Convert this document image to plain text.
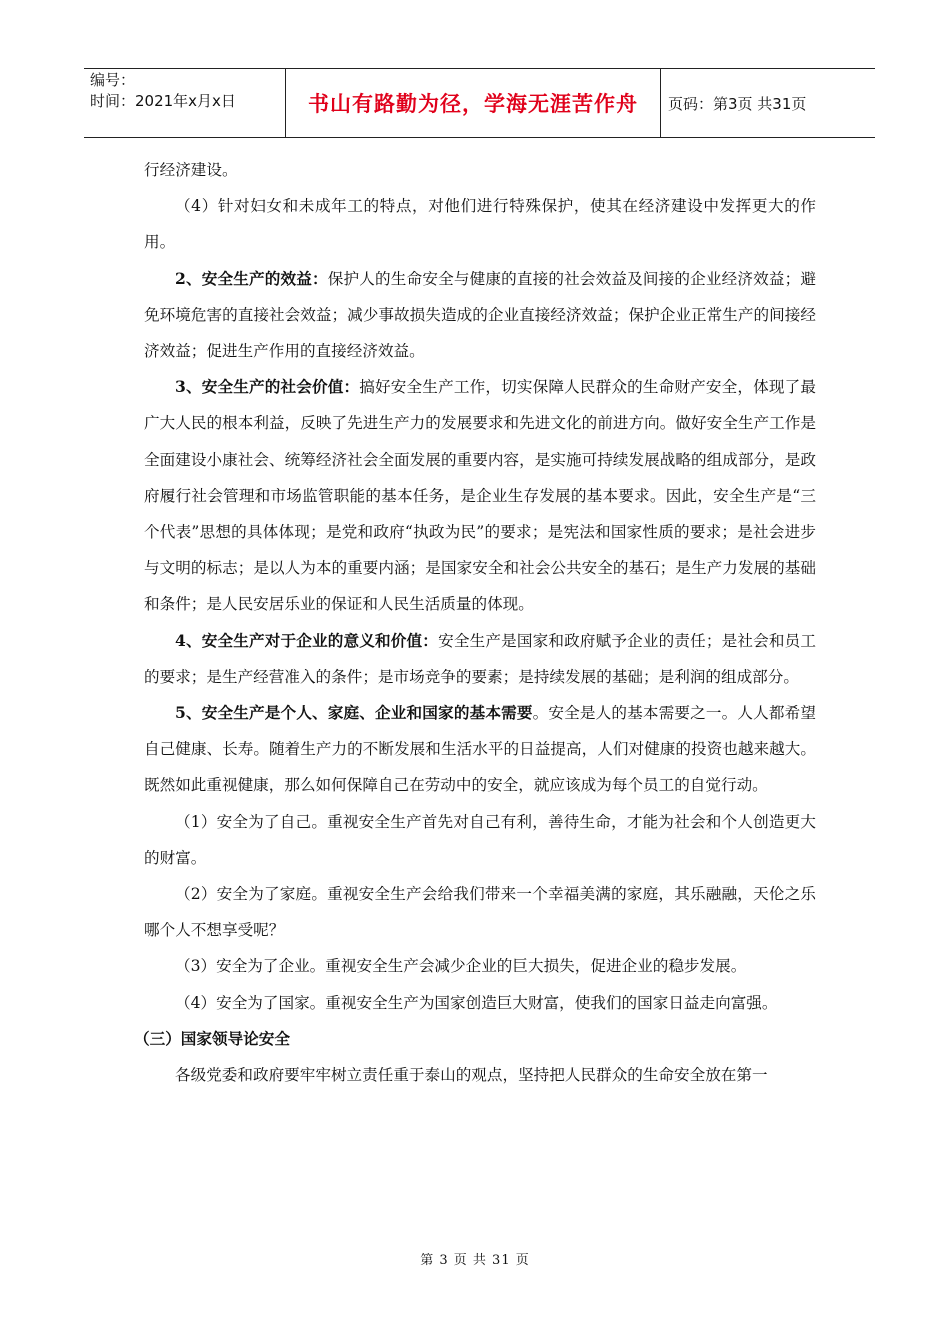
编号：
时间：2021年x月x日	书山有路勤为径，学海无涯苦作舟	页码：第3页 共31页

行经济建设。

（4）针对妇女和未成年工的特点，对他们进行特殊保护，使其在经济建设中发挥更大的作用。

2、安全生产的效益：保护人的生命安全与健康的直接的社会效益及间接的企业经济效益；避免环境危害的直接社会效益；减少事故损失造成的企业直接经济效益；保护企业正常生产的间接经济效益；促进生产作用的直接经济效益。

3、安全生产的社会价值：搞好安全生产工作，切实保障人民群众的生命财产安全，体现了最广大人民的根本利益，反映了先进生产力的发展要求和先进文化的前进方向。做好安全生产工作是全面建设小康社会、统筹经济社会全面发展的重要内容，是实施可持续发展战略的组成部分，是政府履行社会管理和市场监管职能的基本任务，是企业生存发展的基本要求。因此，安全生产是“三个代表”思想的具体体现；是党和政府“执政为民”的要求；是宪法和国家性质的要求；是社会进步与文明的标志；是以人为本的重要内涵；是国家安全和社会公共安全的基石；是生产力发展的基础和条件；是人民安居乐业的保证和人民生活质量的体现。

4、安全生产对于企业的意义和价值：安全生产是国家和政府赋予企业的责任；是社会和员工的要求；是生产经营准入的条件；是市场竞争的要素；是持续发展的基础；是利润的组成部分。

5、安全生产是个人、家庭、企业和国家的基本需要。安全是人的基本需要之一。人人都希望自己健康、长寿。随着生产力的不断发展和生活水平的日益提高，人们对健康的投资也越来越大。既然如此重视健康，那么如何保障自己在劳动中的安全，就应该成为每个员工的自觉行动。

（1）安全为了自己。重视安全生产首先对自己有利，善待生命，才能为社会和个人创造更大的财富。

（2）安全为了家庭。重视安全生产会给我们带来一个幸福美满的家庭，其乐融融，天伦之乐哪个人不想享受呢？

（3）安全为了企业。重视安全生产会减少企业的巨大损失，促进企业的稳步发展。

（4）安全为了国家。重视安全生产为国家创造巨大财富，使我们的国家日益走向富强。

（三）国家领导论安全

各级党委和政府要牢牢树立责任重于泰山的观点，坚持把人民群众的生命安全放在第一

第 3 页 共 31 页
